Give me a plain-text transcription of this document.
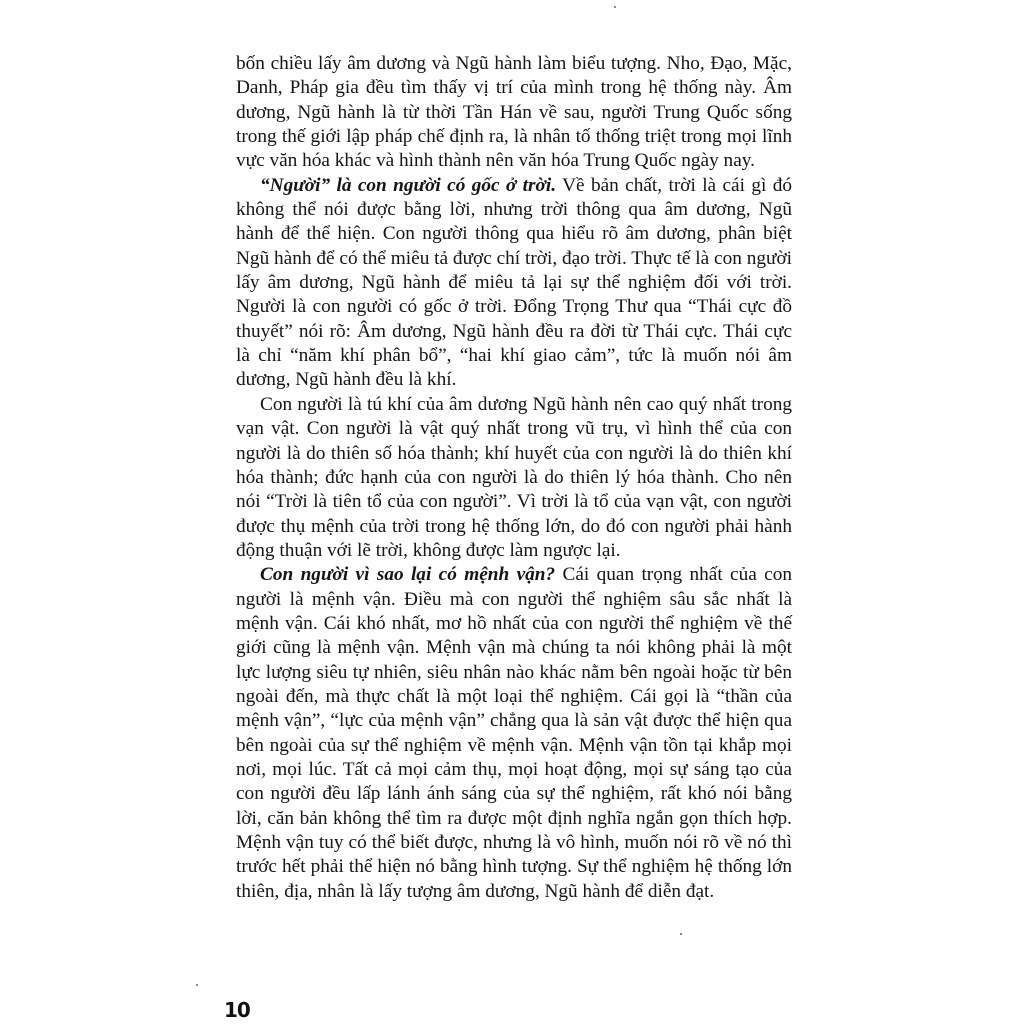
bốn chiều lấy âm dương và Ngũ hành làm biểu tượng. Nho, Đạo, Mặc, Danh, Pháp gia đều tìm thấy vị trí của mình trong hệ thống này. Âm dương, Ngũ hành là từ thời Tần Hán về sau, người Trung Quốc sống trong thế giới lập pháp chế định ra, là nhân tố thống triệt trong mọi lĩnh vực văn hóa khác và hình thành nên văn hóa Trung Quốc ngày nay.

“Người” là con người có gốc ở trời. Về bản chất, trời là cái gì đó không thể nói được bằng lời, nhưng trời thông qua âm dương, Ngũ hành để thể hiện. Con người thông qua hiểu rõ âm dương, phân biệt Ngũ hành để có thể miêu tả được chí trời, đạo trời. Thực tế là con người lấy âm dương, Ngũ hành để miêu tả lại sự thể nghiệm đối với trời. Người là con người có gốc ở trời. Đổng Trọng Thư qua “Thái cực đồ thuyết” nói rõ: Âm dương, Ngũ hành đều ra đời từ Thái cực. Thái cực là chỉ “năm khí phân bổ”, “hai khí giao cảm”, tức là muốn nói âm dương, Ngũ hành đều là khí.

Con người là tú khí của âm dương Ngũ hành nên cao quý nhất trong vạn vật. Con người là vật quý nhất trong vũ trụ, vì hình thể của con người là do thiên số hóa thành; khí huyết của con người là do thiên khí hóa thành; đức hạnh của con người là do thiên lý hóa thành. Cho nên nói “Trời là tiên tổ của con người”. Vì trời là tổ của vạn vật, con người được thụ mệnh của trời trong hệ thống lớn, do đó con người phải hành động thuận với lẽ trời, không được làm ngược lại.

Con người vì sao lại có mệnh vận? Cái quan trọng nhất của con người là mệnh vận. Điều mà con người thể nghiệm sâu sắc nhất là mệnh vận. Cái khó nhất, mơ hồ nhất của con người thể nghiệm về thế giới cũng là mệnh vận. Mệnh vận mà chúng ta nói không phải là một lực lượng siêu tự nhiên, siêu nhân nào khác nằm bên ngoài hoặc từ bên ngoài đến, mà thực chất là một loại thể nghiệm. Cái gọi là “thần của mệnh vận”, “lực của mệnh vận” chẳng qua là sản vật được thể hiện qua bên ngoài của sự thể nghiệm về mệnh vận. Mệnh vận tồn tại khắp mọi nơi, mọi lúc. Tất cả mọi cảm thụ, mọi hoạt động, mọi sự sáng tạo của con người đều lấp lánh ánh sáng của sự thể nghiệm, rất khó nói bằng lời, căn bản không thể tìm ra được một định nghĩa ngắn gọn thích hợp. Mệnh vận tuy có thể biết được, nhưng là vô hình, muốn nói rõ về nó thì trước hết phải thể hiện nó bằng hình tượng. Sự thể nghiệm hệ thống lớn thiên, địa, nhân là lấy tượng âm dương, Ngũ hành để diễn đạt.

10
